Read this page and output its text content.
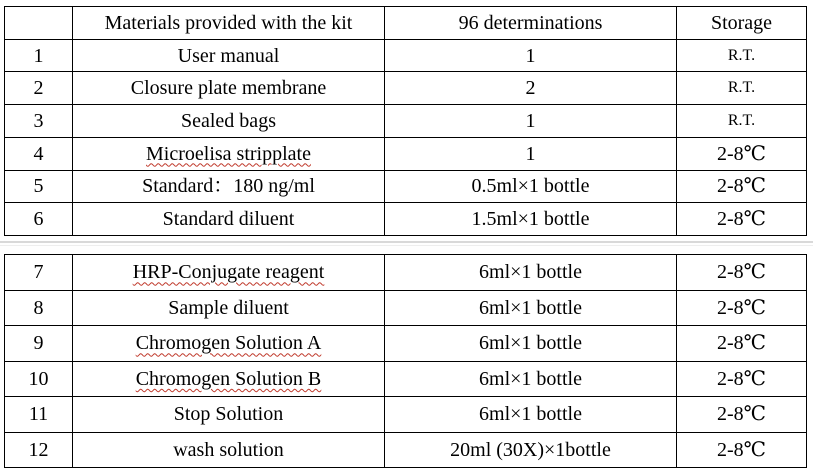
	Materials provided with the kit	96 determinations	Storage
1	User manual	1	R.T.
2	Closure plate membrane	2	R.T.
3	Sealed bags	1	R.T.
4	Microelisa stripplate	1	2-8℃
5	Standard：180 ng/ml	0.5ml×1 bottle	2-8℃
6	Standard diluent	1.5ml×1 bottle	2-8℃
7	HRP-Conjugate reagent	6ml×1 bottle	2-8℃
8	Sample diluent	6ml×1 bottle	2-8℃
9	Chromogen Solution A	6ml×1 bottle	2-8℃
10	Chromogen Solution B	6ml×1 bottle	2-8℃
11	Stop Solution	6ml×1 bottle	2-8℃
12	wash solution	20ml (30X)×1bottle	2-8℃
